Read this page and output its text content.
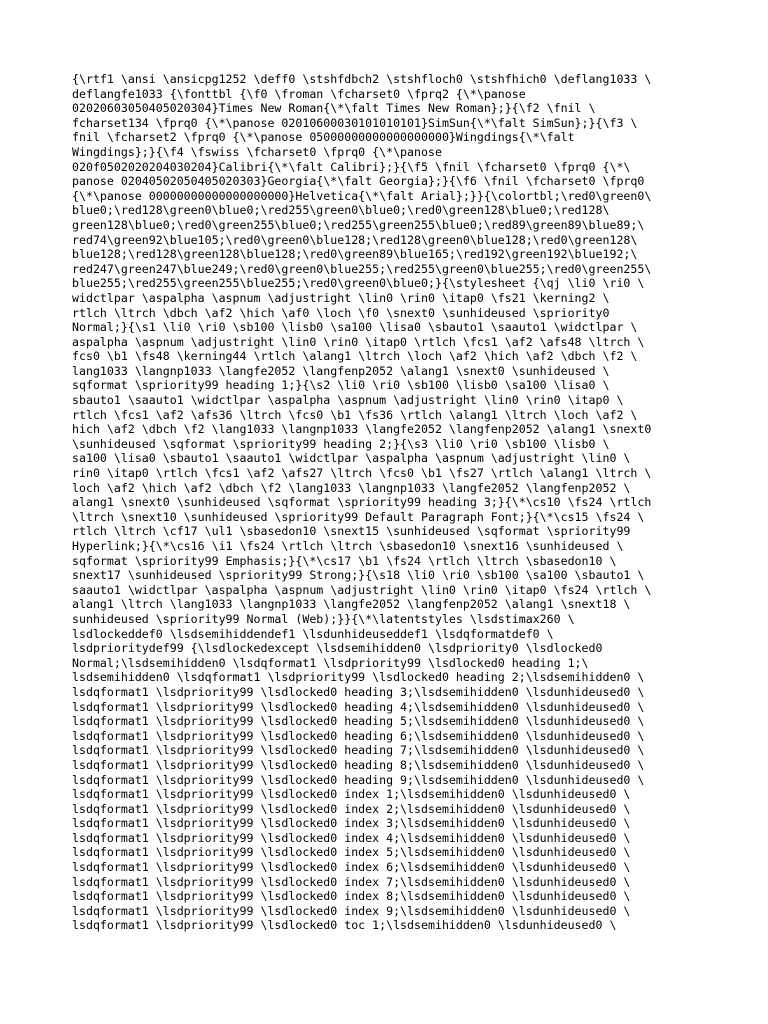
{\rtf1 \ansi \ansicpg1252 \deff0 \stshfdbch2 \stshfloch0 \stshfhich0 \deflang1033 \
deflangfe1033 {\fonttbl {\f0 \froman \fcharset0 \fprq2 {\*\panose
02020603050405020304}Times New Roman{\*\falt Times New Roman};}{\f2 \fnil \
fcharset134 \fprq0 {\*\panose 02010600030101010101}SimSun{\*\falt SimSun};}{\f3 \
fnil \fcharset2 \fprq0 {\*\panose 05000000000000000000}Wingdings{\*\falt
Wingdings};}{\f4 \fswiss \fcharset0 \fprq0 {\*\panose
020f0502020204030204}Calibri{\*\falt Calibri};}{\f5 \fnil \fcharset0 \fprq0 {\*\
panose 02040502050405020303}Georgia{\*\falt Georgia};}{\f6 \fnil \fcharset0 \fprq0
{\*\panose 00000000000000000000}Helvetica{\*\falt Arial};}}{\colortbl;\red0\green0\
blue0;\red128\green0\blue0;\red255\green0\blue0;\red0\green128\blue0;\red128\
green128\blue0;\red0\green255\blue0;\red255\green255\blue0;\red89\green89\blue89;\
red74\green92\blue105;\red0\green0\blue128;\red128\green0\blue128;\red0\green128\
blue128;\red128\green128\blue128;\red0\green89\blue165;\red192\green192\blue192;\
red247\green247\blue249;\red0\green0\blue255;\red255\green0\blue255;\red0\green255\
blue255;\red255\green255\blue255;\red0\green0\blue0;}{\stylesheet {\qj \li0 \ri0 \
widctlpar \aspalpha \aspnum \adjustright \lin0 \rin0 \itap0 \fs21 \kerning2 \
rtlch \ltrch \dbch \af2 \hich \af0 \loch \f0 \snext0 \sunhideused \spriority0
Normal;}{\s1 \li0 \ri0 \sb100 \lisb0 \sa100 \lisa0 \sbauto1 \saauto1 \widctlpar \
aspalpha \aspnum \adjustright \lin0 \rin0 \itap0 \rtlch \fcs1 \af2 \afs48 \ltrch \
fcs0 \b1 \fs48 \kerning44 \rtlch \alang1 \ltrch \loch \af2 \hich \af2 \dbch \f2 \
lang1033 \langnp1033 \langfe2052 \langfenp2052 \alang1 \snext0 \sunhideused \
sqformat \spriority99 heading 1;}{\s2 \li0 \ri0 \sb100 \lisb0 \sa100 \lisa0 \
sbauto1 \saauto1 \widctlpar \aspalpha \aspnum \adjustright \lin0 \rin0 \itap0 \
rtlch \fcs1 \af2 \afs36 \ltrch \fcs0 \b1 \fs36 \rtlch \alang1 \ltrch \loch \af2 \
hich \af2 \dbch \f2 \lang1033 \langnp1033 \langfe2052 \langfenp2052 \alang1 \snext0
\sunhideused \sqformat \spriority99 heading 2;}{\s3 \li0 \ri0 \sb100 \lisb0 \
sa100 \lisa0 \sbauto1 \saauto1 \widctlpar \aspalpha \aspnum \adjustright \lin0 \
rin0 \itap0 \rtlch \fcs1 \af2 \afs27 \ltrch \fcs0 \b1 \fs27 \rtlch \alang1 \ltrch \
loch \af2 \hich \af2 \dbch \f2 \lang1033 \langnp1033 \langfe2052 \langfenp2052 \
alang1 \snext0 \sunhideused \sqformat \spriority99 heading 3;}{\*\cs10 \fs24 \rtlch
\ltrch \snext10 \sunhideused \spriority99 Default Paragraph Font;}{\*\cs15 \fs24 \
rtlch \ltrch \cf17 \ul1 \sbasedon10 \snext15 \sunhideused \sqformat \spriority99
Hyperlink;}{\*\cs16 \i1 \fs24 \rtlch \ltrch \sbasedon10 \snext16 \sunhideused \
sqformat \spriority99 Emphasis;}{\*\cs17 \b1 \fs24 \rtlch \ltrch \sbasedon10 \
snext17 \sunhideused \spriority99 Strong;}{\s18 \li0 \ri0 \sb100 \sa100 \sbauto1 \
saauto1 \widctlpar \aspalpha \aspnum \adjustright \lin0 \rin0 \itap0 \fs24 \rtlch \
alang1 \ltrch \lang1033 \langnp1033 \langfe2052 \langfenp2052 \alang1 \snext18 \
sunhideused \spriority99 Normal (Web);}}{\*\latentstyles \lsdstimax260 \
lsdlockeddef0 \lsdsemihiddendef1 \lsdunhideuseddef1 \lsdqformatdef0 \
lsdprioritydef99 {\lsdlockedexcept \lsdsemihidden0 \lsdpriority0 \lsdlocked0
Normal;\lsdsemihidden0 \lsdqformat1 \lsdpriority99 \lsdlocked0 heading 1;\
lsdsemihidden0 \lsdqformat1 \lsdpriority99 \lsdlocked0 heading 2;\lsdsemihidden0 \
lsdqformat1 \lsdpriority99 \lsdlocked0 heading 3;\lsdsemihidden0 \lsdunhideused0 \
lsdqformat1 \lsdpriority99 \lsdlocked0 heading 4;\lsdsemihidden0 \lsdunhideused0 \
lsdqformat1 \lsdpriority99 \lsdlocked0 heading 5;\lsdsemihidden0 \lsdunhideused0 \
lsdqformat1 \lsdpriority99 \lsdlocked0 heading 6;\lsdsemihidden0 \lsdunhideused0 \
lsdqformat1 \lsdpriority99 \lsdlocked0 heading 7;\lsdsemihidden0 \lsdunhideused0 \
lsdqformat1 \lsdpriority99 \lsdlocked0 heading 8;\lsdsemihidden0 \lsdunhideused0 \
lsdqformat1 \lsdpriority99 \lsdlocked0 heading 9;\lsdsemihidden0 \lsdunhideused0 \
lsdqformat1 \lsdpriority99 \lsdlocked0 index 1;\lsdsemihidden0 \lsdunhideused0 \
lsdqformat1 \lsdpriority99 \lsdlocked0 index 2;\lsdsemihidden0 \lsdunhideused0 \
lsdqformat1 \lsdpriority99 \lsdlocked0 index 3;\lsdsemihidden0 \lsdunhideused0 \
lsdqformat1 \lsdpriority99 \lsdlocked0 index 4;\lsdsemihidden0 \lsdunhideused0 \
lsdqformat1 \lsdpriority99 \lsdlocked0 index 5;\lsdsemihidden0 \lsdunhideused0 \
lsdqformat1 \lsdpriority99 \lsdlocked0 index 6;\lsdsemihidden0 \lsdunhideused0 \
lsdqformat1 \lsdpriority99 \lsdlocked0 index 7;\lsdsemihidden0 \lsdunhideused0 \
lsdqformat1 \lsdpriority99 \lsdlocked0 index 8;\lsdsemihidden0 \lsdunhideused0 \
lsdqformat1 \lsdpriority99 \lsdlocked0 index 9;\lsdsemihidden0 \lsdunhideused0 \
lsdqformat1 \lsdpriority99 \lsdlocked0 toc 1;\lsdsemihidden0 \lsdunhideused0 \
